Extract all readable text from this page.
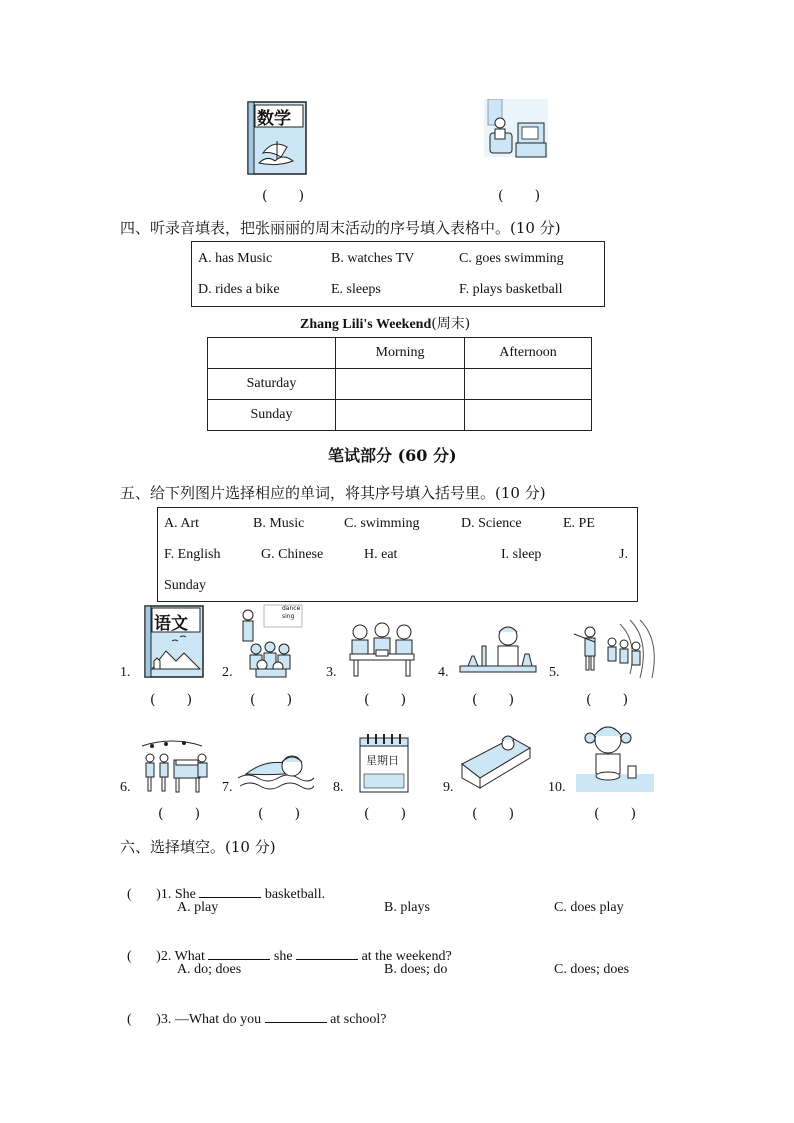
数学
(       )	(       )
四、听录音填表，把张丽丽的周末活动的序号填入表格中。(10 分)
A. has Music	B. watches TV	C. goes swimming
D. rides a bike	E. sleeps	F. plays basketball
Zhang Lili's Weekend(周末)
	Morning	Afternoon
Saturday		
Sunday		
笔试部分 (60 分)
五、给下列图片选择相应的单词，将其序号填入括号里。(10 分)
A. Art	B. Music	C. swimming	D. Science	E. PE
F. English	G. Chinese	H. eat	I. sleep	J.
Sunday
1.
语文
2.
dance
sing
3.	4.	5.
(       )	(       )	(       )	(       )	(       )
6.	7.	8.
星期日
9.	10.
(       )	(       )	(       )	(       )	(       )
六、选择填空。(10 分)

(       )1. She	basketball.

A. play	B. plays	C. does play

(       )2. What	she	at the weekend?

A. do; does	B. does; do	C. does; does

(       )3. —What do you	at school?
